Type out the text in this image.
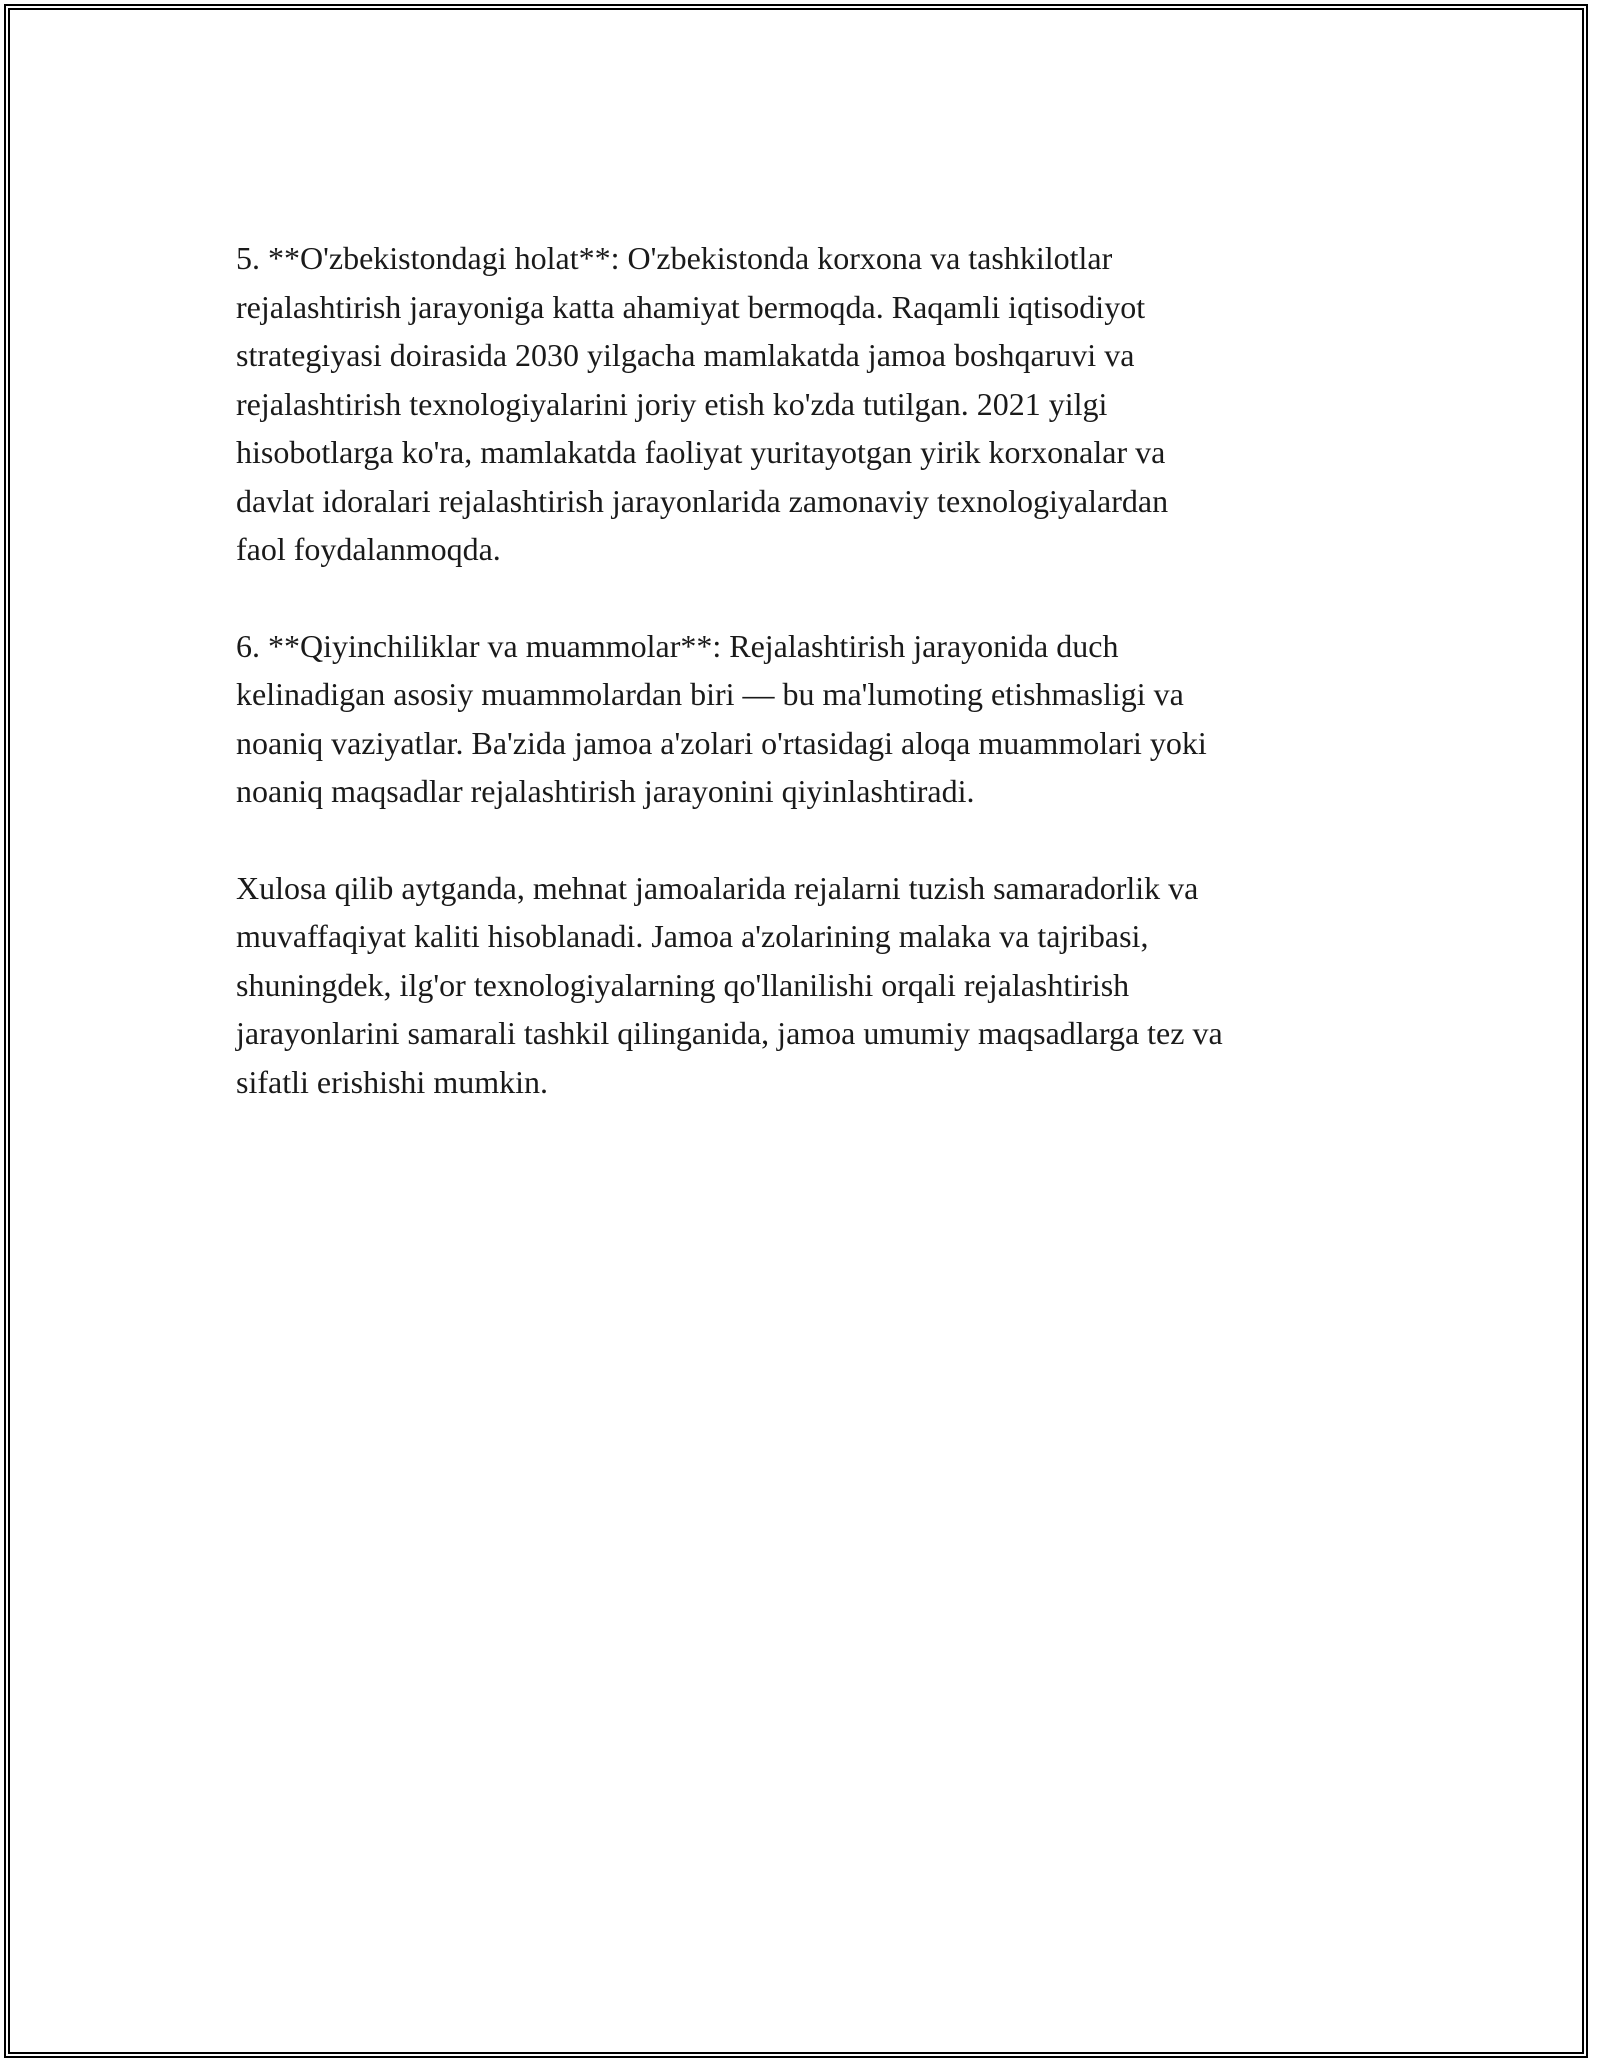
5. **O'zbekistondagi holat**: O'zbekistonda korxona va tashkilotlar
rejalashtirish jarayoniga katta ahamiyat bermoqda. Raqamli iqtisodiyot
strategiyasi doirasida 2030 yilgacha mamlakatda jamoa boshqaruvi va
rejalashtirish texnologiyalarini joriy etish ko'zda tutilgan. 2021 yilgi
hisobotlarga ko'ra, mamlakatda faoliyat yuritayotgan yirik korxonalar va
davlat idoralari rejalashtirish jarayonlarida zamonaviy texnologiyalardan
faol foydalanmoqda.

6. **Qiyinchiliklar va muammolar**: Rejalashtirish jarayonida duch
kelinadigan asosiy muammolardan biri — bu ma'lumoting etishmasligi va
noaniq vaziyatlar. Ba'zida jamoa a'zolari o'rtasidagi aloqa muammolari yoki
noaniq maqsadlar rejalashtirish jarayonini qiyinlashtiradi.

Xulosa qilib aytganda, mehnat jamoalarida rejalarni tuzish samaradorlik va
muvaffaqiyat kaliti hisoblanadi. Jamoa a'zolarining malaka va tajribasi,
shuningdek, ilg'or texnologiyalarning qo'llanilishi orqali rejalashtirish
jarayonlarini samarali tashkil qilinganida, jamoa umumiy maqsadlarga tez va
sifatli erishishi mumkin.
